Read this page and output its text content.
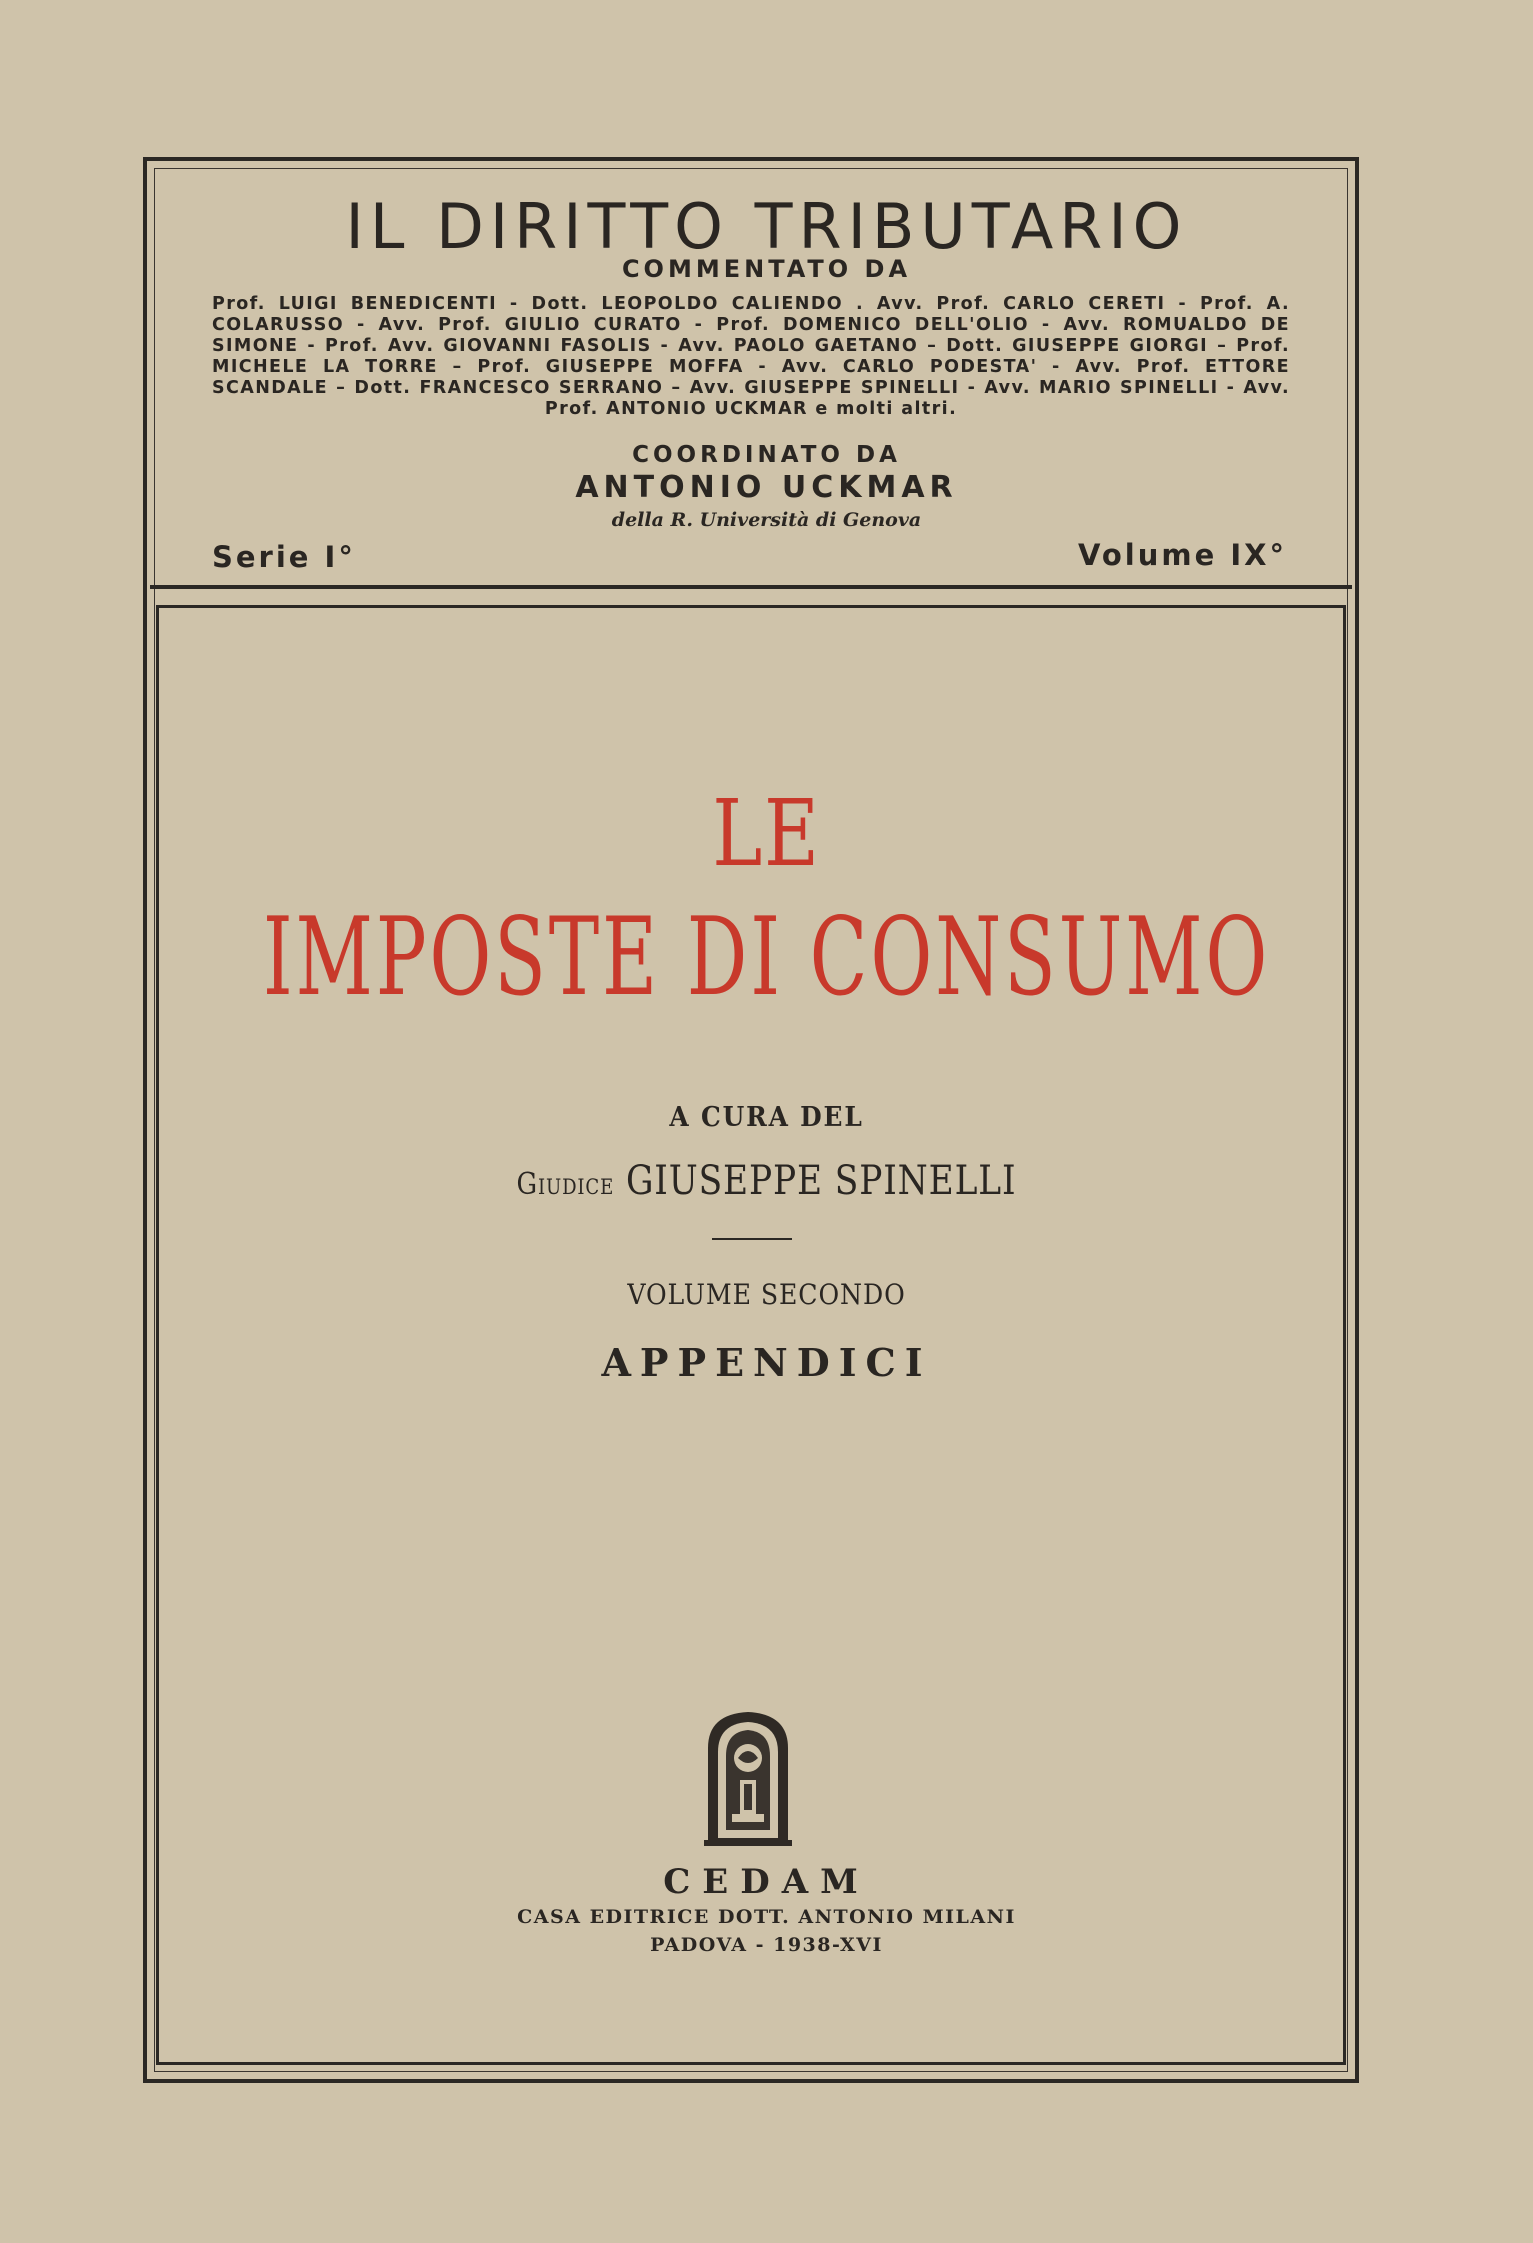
IL DIRITTO TRIBUTARIO
COMMENTATO DA
Prof. LUIGI BENEDICENTI - Dott. LEOPOLDO CALIENDO . Avv. Prof. CARLO CERETI - Prof. A. COLARUSSO - Avv. Prof. GIULIO CURATO - Prof. DOMENICO DELL'OLIO - Avv. ROMUALDO DE SIMONE - Prof. Avv. GIOVANNI FASOLIS - Avv. PAOLO GAETANO – Dott. GIUSEPPE GIORGI – Prof. MICHELE LA TORRE – Prof. GIUSEPPE MOFFA - Avv. CARLO PODESTA' - Avv. Prof. ETTORE SCANDALE – Dott. FRANCESCO SERRANO – Avv. GIUSEPPE SPINELLI - Avv. MARIO SPINELLI - Avv. Prof. ANTONIO UCKMAR e molti altri.
COORDINATO DA
ANTONIO UCKMAR
della R. Università di Genova
Serie I°	Volume IX°
LE
IMPOSTE DI CONSUMO
A CURA DEL
Giudice GIUSEPPE SPINELLI
VOLUME SECONDO
APPENDICI
CEDAM
CASA EDITRICE DOTT. ANTONIO MILANI
PADOVA - 1938-XVI
